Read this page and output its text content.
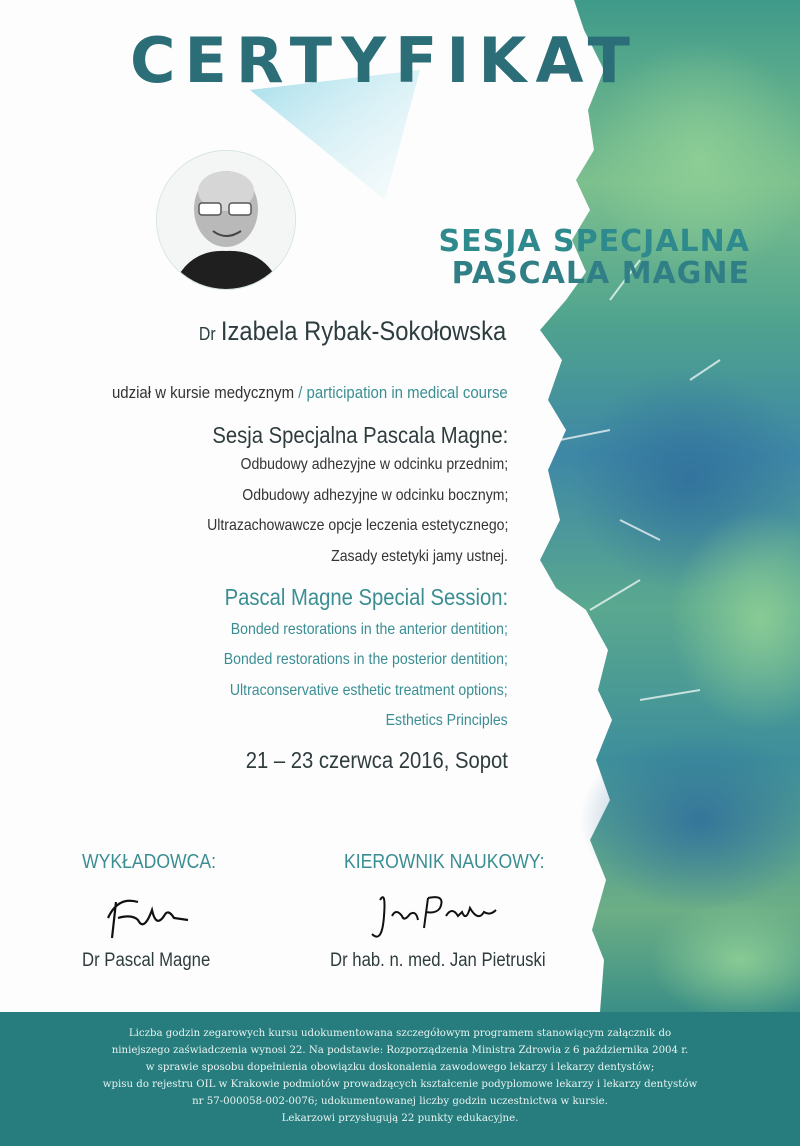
CERTYFIKAT
SESJA SPECJALNA
PASCALA MAGNE
Dr Izabela Rybak-Sokołowska
udział w kursie medycznym / participation in medical course
Sesja Specjalna Pascala Magne:
Odbudowy adhezyjne w odcinku przednim;
Odbudowy adhezyjne w odcinku bocznym;
Ultrazachowawcze opcje leczenia estetycznego;
Zasady estetyki jamy ustnej.
Pascal Magne Special Session:
Bonded restorations in the anterior dentition;
Bonded restorations in the posterior dentition;
Ultraconservative esthetic treatment options;
Esthetics Principles
21 – 23 czerwca 2016, Sopot
WYKŁADOWCA:
Dr Pascal Magne
KIEROWNIK NAUKOWY:
Dr hab. n. med. Jan Pietruski
Liczba godzin zegarowych kursu udokumentowana szczegółowym programem stanowiącym załącznik do
niniejszego zaświadczenia wynosi 22. Na podstawie: Rozporządzenia Ministra Zdrowia z 6 października 2004 r.
w sprawie sposobu dopełnienia obowiązku doskonalenia zawodowego lekarzy i lekarzy dentystów;
wpisu do rejestru OIL w Krakowie podmiotów prowadzących kształcenie podyplomowe lekarzy i lekarzy dentystów
nr 57-000058-002-0076; udokumentowanej liczby godzin uczestnictwa w kursie.
Lekarzowi przysługują 22 punkty edukacyjne.
